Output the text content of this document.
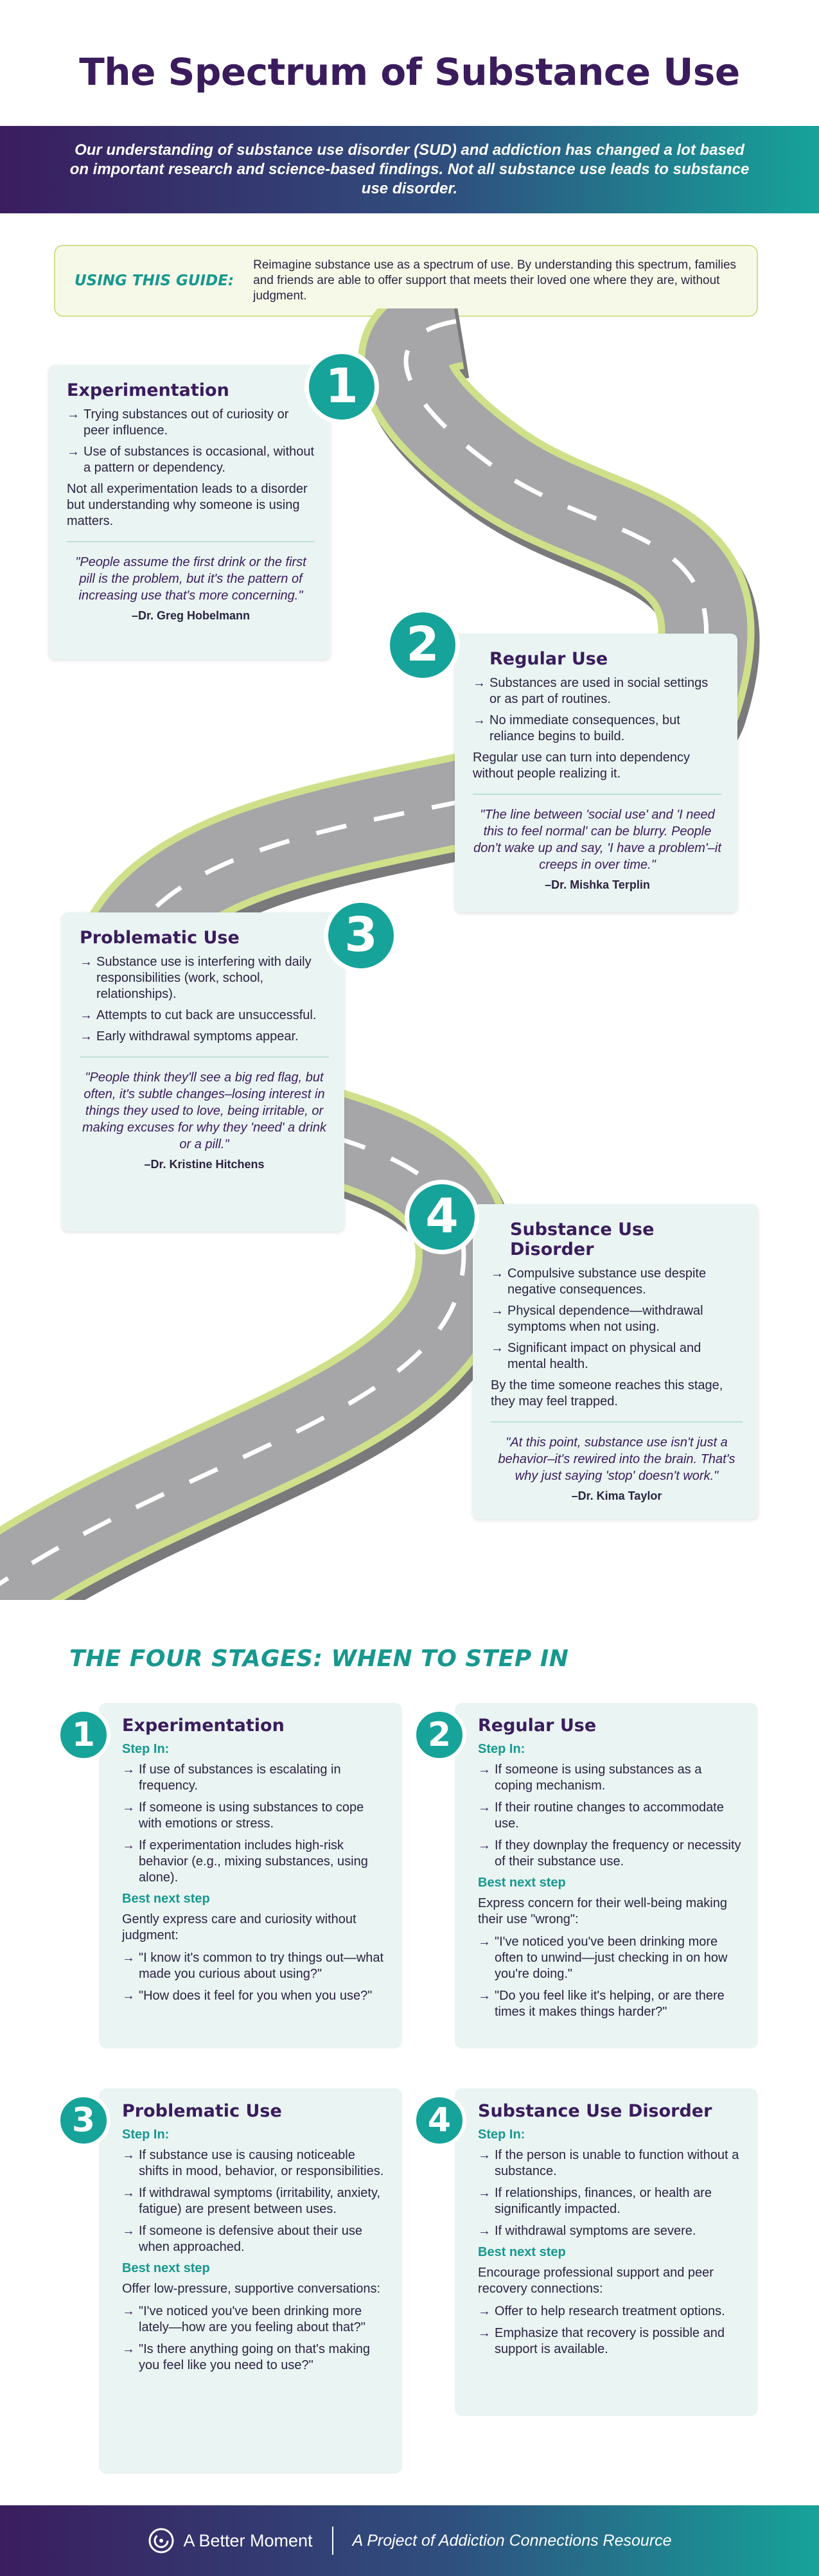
The Spectrum of Substance Use

Our understanding of substance use disorder (SUD) and addiction has changed a lot based on important research and science-based findings. Not all substance use leads to substance use disorder.

USING THIS GUIDE:
Reimagine substance use as a spectrum of use. By understanding this spectrum, families and friends are able to offer support that meets their loved one where they are, without judgment.
Experimentation
→ Trying substances out of curiosity or peer influence.
→ Use of substances is occasional, without a pattern or dependency.

Not all experimentation leads to a disorder but understanding why someone is using matters.

"People assume the first drink or the first pill is the problem, but it's the pattern of increasing use that's more concerning."

–Dr. Greg Hobelmann
1
Regular Use
→ Substances are used in social settings or as part of routines.
→ No immediate consequences, but reliance begins to build.

Regular use can turn into dependency without people realizing it.

"The line between 'social use' and 'I need this to feel normal' can be blurry. People don't wake up and say, 'I have a problem'–it creeps in over time."

–Dr. Mishka Terplin
2
Problematic Use
→ Substance use is interfering with daily responsibilities (work, school, relationships).
→ Attempts to cut back are unsuccessful.
→ Early withdrawal symptoms appear.

"People think they'll see a big red flag, but often, it's subtle changes–losing interest in things they used to love, being irritable, or making excuses for why they 'need' a drink or a pill."

–Dr. Kristine Hitchens
3
Substance Use Disorder
→ Compulsive substance use despite negative consequences.
→ Physical dependence—withdrawal symptoms when not using.
→ Significant impact on physical and mental health.

By the time someone reaches this stage, they may feel trapped.

"At this point, substance use isn't just a behavior–it's rewired into the brain. That's why just saying 'stop' doesn't work."

–Dr. Kima Taylor
4
THE FOUR STAGES: WHEN TO STEP IN
Experimentation
Step In:
→ If use of substances is escalating in frequency.
→ If someone is using substances to cope with emotions or stress.
→ If experimentation includes high-risk behavior (e.g., mixing substances, using alone).
Best next step

Gently express care and curiosity without judgment:

→ "I know it's common to try things out—what made you curious about using?"
→ "How does it feel for you when you use?"
1	Regular Use
Step In:
→ If someone is using substances as a coping mechanism.
→ If their routine changes to accommodate use.
→ If they downplay the frequency or necessity of their substance use.
Best next step

Express concern for their well-being making their use "wrong":

→ "I've noticed you've been drinking more often to unwind—just checking in on how you're doing."
→ "Do you feel like it's helping, or are there times it makes things harder?"
2
Problematic Use
Step In:
→ If substance use is causing noticeable shifts in mood, behavior, or responsibilities.
→ If withdrawal symptoms (irritability, anxiety, fatigue) are present between uses.
→ If someone is defensive about their use when approached.
Best next step

Offer low-pressure, supportive conversations:

→ "I've noticed you've been drinking more lately—how are you feeling about that?"
→ "Is there anything going on that's making you feel like you need to use?"
3	Substance Use Disorder
Step In:
→ If the person is unable to function without a substance.
→ If relationships, finances, or health are significantly impacted.
→ If withdrawal symptoms are severe.
Best next step

Encourage professional support and peer recovery connections:

→ Offer to help research treatment options.
→ Emphasize that recovery is possible and support is available.
4
A Better Moment A Project of Addiction Connections Resource
